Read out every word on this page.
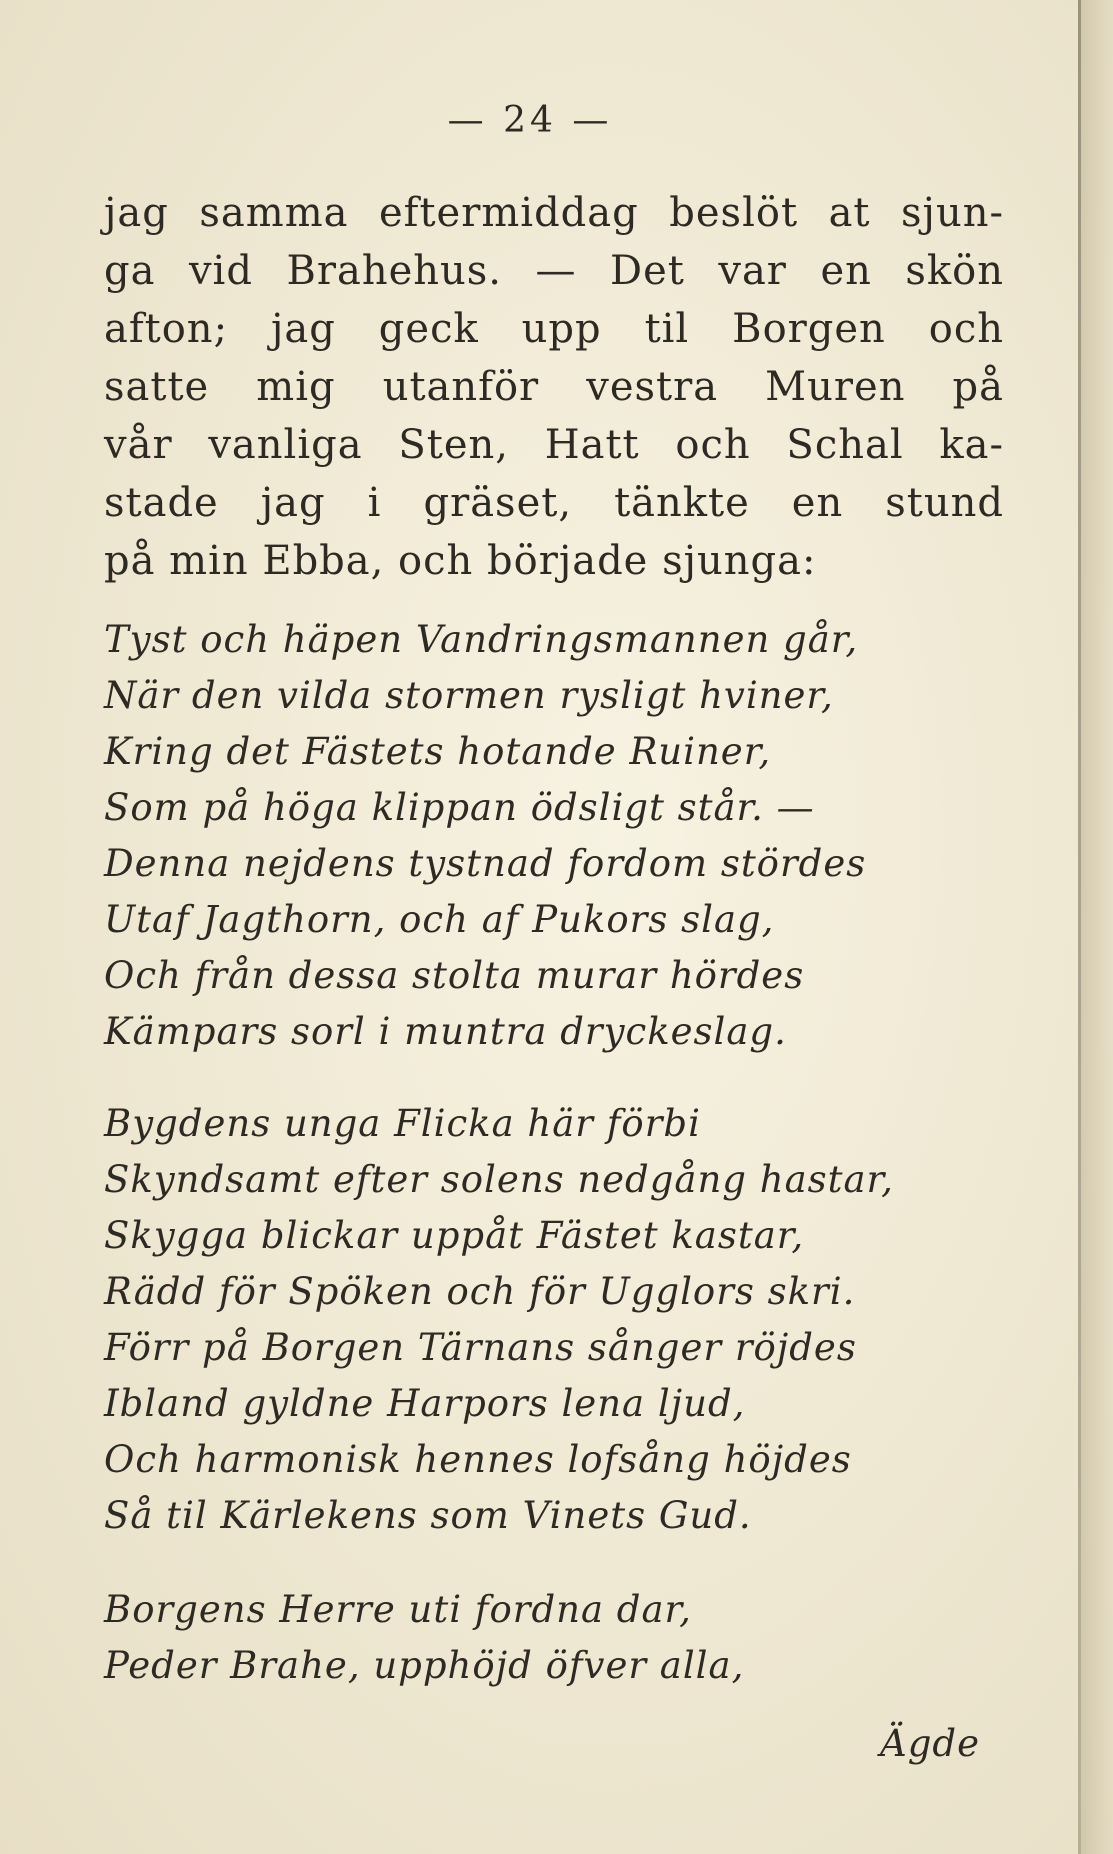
— 24 —
jag samma eftermiddag beslöt at sjun-
ga vid Brahehus. — Det var en skön
afton; jag geck upp til Borgen och
satte mig utanför vestra Muren på
vår vanliga Sten, Hatt och Schal ka-
stade jag i gräset, tänkte en stund
på min Ebba, och började sjunga:
Tyst och häpen Vandringsmannen går,
När den vilda stormen rysligt hviner,
Kring det Fästets hotande Ruiner,
Som på höga klippan ödsligt står. —
Denna nejdens tystnad fordom stördes
Utaf Jagthorn, och af Pukors slag,
Och från dessa stolta murar hördes
Kämpars sorl i muntra dryckeslag.
Bygdens unga Flicka här förbi
Skyndsamt efter solens nedgång hastar,
Skygga blickar uppåt Fästet kastar,
Rädd för Spöken och för Ugglors skri.
Förr på Borgen Tärnans sånger röjdes
Ibland gyldne Harpors lena ljud,
Och harmonisk hennes lofsång höjdes
Så til Kärlekens som Vinets Gud.
Borgens Herre uti fordna dar,
Peder Brahe, upphöjd öfver alla,
Ägde
